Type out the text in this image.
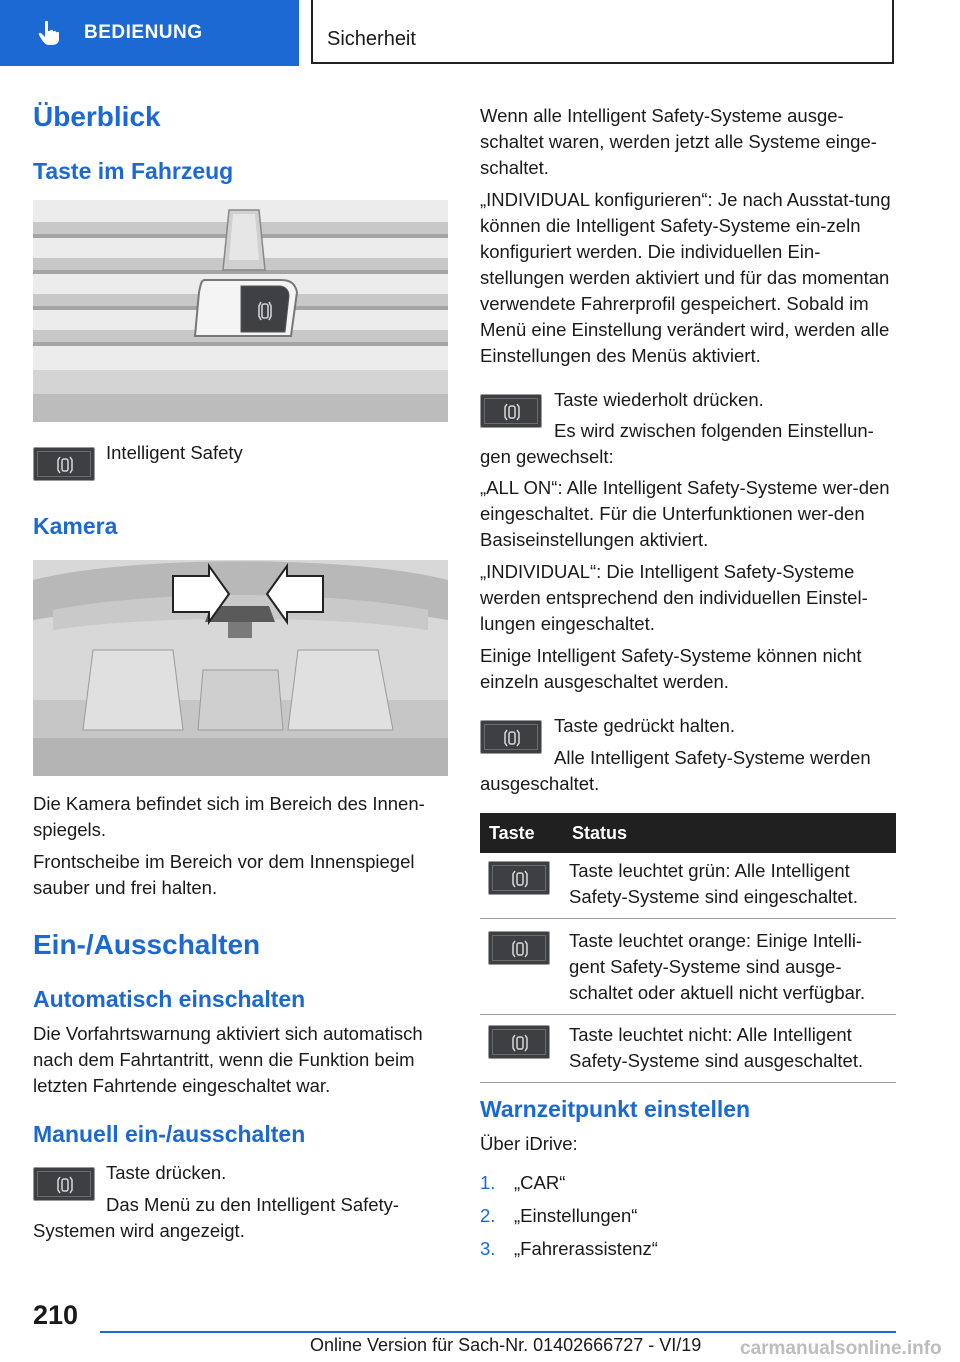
BEDIENUNG	Sicherheit
Überblick
Taste im Fahrzeug
Intelligent Safety
Kamera

Die Kamera befindet sich im Bereich des Innen-spiegels.

Frontscheibe im Bereich vor dem Innenspiegel sauber und frei halten.

Ein-/Ausschalten
Automatisch einschalten

Die Vorfahrtswarnung aktiviert sich automatisch nach dem Fahrtantritt, wenn die Funktion beim letzten Fahrtende eingeschaltet war.

Manuell ein-/ausschalten
Taste drücken.
Das Menü zu den Intelligent Safety-
Systemen wird angezeigt.

Wenn alle Intelligent Safety-Systeme ausge-schaltet waren, werden jetzt alle Systeme einge-schaltet.

„INDIVIDUAL konfigurieren“: Je nach Ausstat-tung können die Intelligent Safety-Systeme ein-zeln konfiguriert werden. Die individuellen Ein-stellungen werden aktiviert und für das momentan verwendete Fahrerprofil gespeichert. Sobald im Menü eine Einstellung verändert wird, werden alle Einstellungen des Menüs aktiviert.

Taste wiederholt drücken.
Es wird zwischen folgenden Einstellun-
gen gewechselt:

„ALL ON“: Alle Intelligent Safety-Systeme wer-den eingeschaltet. Für die Unterfunktionen wer-den Basiseinstellungen aktiviert.

„INDIVIDUAL“: Die Intelligent Safety-Systeme werden entsprechend den individuellen Einstel-lungen eingeschaltet.

Einige Intelligent Safety-Systeme können nicht einzeln ausgeschaltet werden.

Taste gedrückt halten.
Alle Intelligent Safety-Systeme werden
ausgeschaltet.
Taste	Status

	Taste leuchtet grün: Alle Intelligent Safety-Systeme sind eingeschaltet.

	Taste leuchtet orange: Einige Intelli-gent Safety-Systeme sind ausge-schaltet oder aktuell nicht verfügbar.

	Taste leuchtet nicht: Alle Intelligent Safety-Systeme sind ausgeschaltet.
Warnzeitpunkt einstellen
Über iDrive:
1.	„CAR“
2.	„Einstellungen“
3.	„Fahrerassistenz“
210
Online Version für Sach-Nr. 01402666727 - VI/19 carmanualsonline.info
